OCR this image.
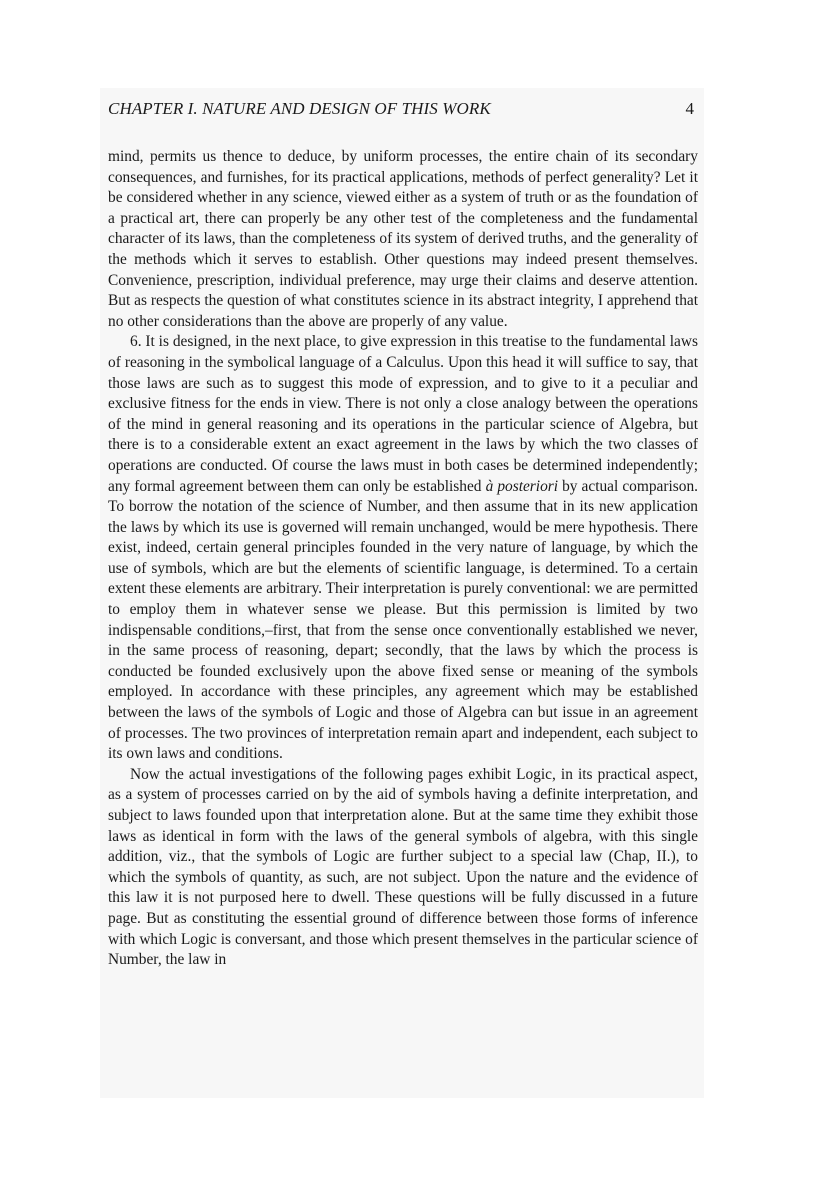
CHAPTER I. NATURE AND DESIGN OF THIS WORK	4

mind, permits us thence to deduce, by uniform processes, the entire chain of its secondary consequences, and furnishes, for its practical applications, methods of perfect generality? Let it be considered whether in any science, viewed either as a system of truth or as the foundation of a practical art, there can properly be any other test of the completeness and the fundamental character of its laws, than the completeness of its system of derived truths, and the generality of the methods which it serves to establish. Other questions may indeed present themselves. Convenience, prescription, individual preference, may urge their claims and deserve attention. But as respects the question of what constitutes science in its abstract integrity, I apprehend that no other considerations than the above are properly of any value.

6. It is designed, in the next place, to give expression in this treatise to the fundamental laws of reasoning in the symbolical language of a Calculus. Upon this head it will suffice to say, that those laws are such as to suggest this mode of expression, and to give to it a peculiar and exclusive fitness for the ends in view. There is not only a close analogy between the operations of the mind in general reasoning and its operations in the particular science of Algebra, but there is to a considerable extent an exact agreement in the laws by which the two classes of operations are conducted. Of course the laws must in both cases be determined independently; any formal agreement between them can only be established à posteriori by actual comparison. To borrow the notation of the science of Number, and then assume that in its new application the laws by which its use is governed will remain unchanged, would be mere hypothesis. There exist, indeed, certain general principles founded in the very nature of language, by which the use of symbols, which are but the elements of scientific language, is determined. To a certain extent these elements are arbitrary. Their interpretation is purely conventional: we are permitted to employ them in whatever sense we please. But this permission is limited by two indispensable conditions,–first, that from the sense once conventionally established we never, in the same process of reasoning, depart; secondly, that the laws by which the process is conducted be founded exclusively upon the above fixed sense or meaning of the symbols employed. In accordance with these principles, any agreement which may be established between the laws of the symbols of Logic and those of Algebra can but issue in an agreement of processes. The two provinces of interpretation remain apart and independent, each subject to its own laws and conditions.

Now the actual investigations of the following pages exhibit Logic, in its practical aspect, as a system of processes carried on by the aid of symbols having a definite interpretation, and subject to laws founded upon that interpretation alone. But at the same time they exhibit those laws as identical in form with the laws of the general symbols of algebra, with this single addition, viz., that the symbols of Logic are further subject to a special law (Chap, II.), to which the symbols of quantity, as such, are not subject. Upon the nature and the evidence of this law it is not purposed here to dwell. These questions will be fully discussed in a future page. But as constituting the essential ground of difference between those forms of inference with which Logic is conversant, and those which present themselves in the particular science of Number, the law in
